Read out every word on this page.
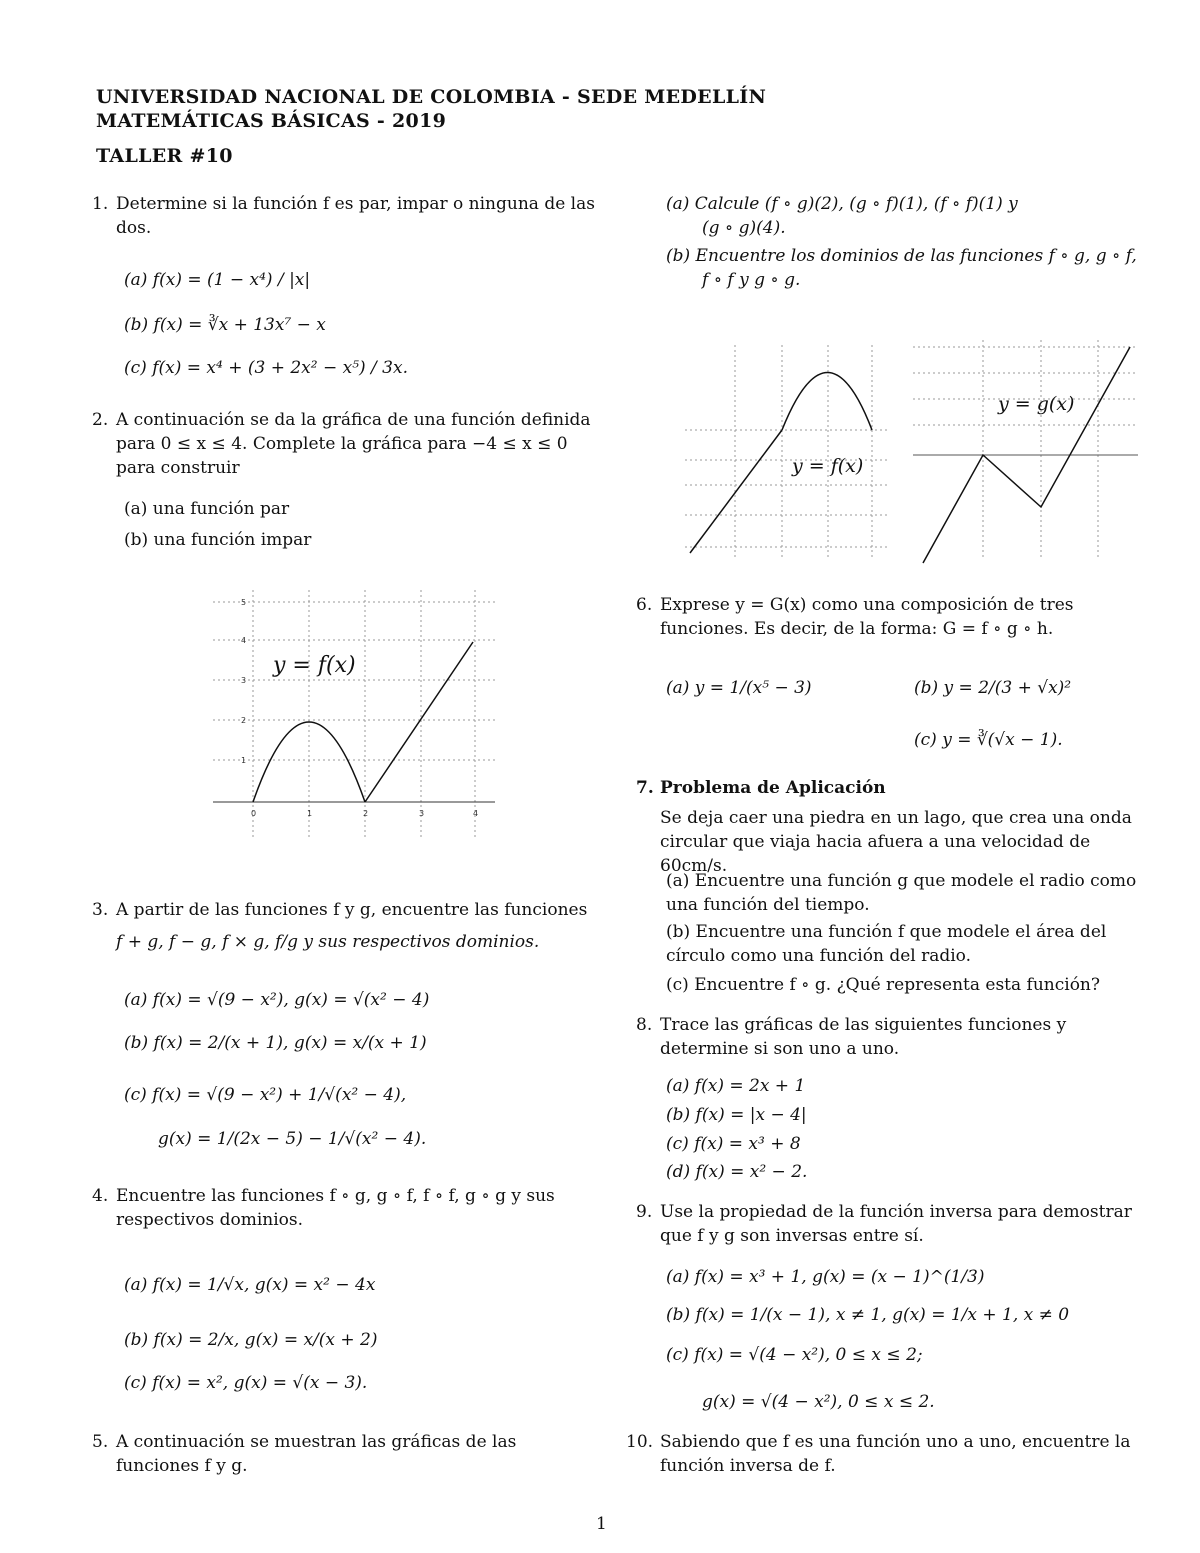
UNIVERSIDAD NACIONAL DE COLOMBIA - SEDE MEDELLÍN
MATEMÁTICAS BÁSICAS - 2019
TALLER #10
1. Determine si la función f es par, impar o ninguna de las dos.
(a) f(x) = (1 − x⁴) / |x|
(b) f(x) = ∛x + 13x⁷ − x
(c) f(x) = x⁴ + (3 + 2x² − x⁵) / 3x.
2. A continuación se da la gráfica de una función definida para 0 ≤ x ≤ 4. Complete la gráfica para −4 ≤ x ≤ 0 para construir
(a) una función par
(b) una función impar
0	1	2	3	4
1
2
3
4
5
y = f(x)
3. A partir de las funciones f y g, encuentre las funciones
f + g, f − g, f × g, f/g y sus respectivos dominios.
(a) f(x) = √(9 − x²), g(x) = √(x² − 4)
(b) f(x) = 2/(x + 1), g(x) = x/(x + 1)
(c) f(x) = √(9 − x²) + 1/√(x² − 4),
g(x) = 1/(2x − 5) − 1/√(x² − 4).
4. Encuentre las funciones f ∘ g, g ∘ f, f ∘ f, g ∘ g y sus respectivos dominios.
(a) f(x) = 1/√x, g(x) = x² − 4x
(b) f(x) = 2/x, g(x) = x/(x + 2)
(c) f(x) = x², g(x) = √(x − 3).
5. A continuación se muestran las gráficas de las funciones f y g.
(a) Calcule (f ∘ g)(2), (g ∘ f)(1), (f ∘ f)(1) y
(g ∘ g)(4).
(b) Encuentre los dominios de las funciones f ∘ g, g ∘ f,
f ∘ f y g ∘ g.
y = f(x)
y = g(x)
6. Exprese y = G(x) como una composición de tres funciones. Es decir, de la forma: G = f ∘ g ∘ h.
(a) y = 1/(x⁵ − 3)	(b) y = 2/(3 + √x)²
(c) y = ∛(√x − 1).
7. Problema de Aplicación
Se deja caer una piedra en un lago, que crea una onda circular que viaja hacia afuera a una velocidad de 60cm/s.
(a) Encuentre una función g que modele el radio como una función del tiempo.
(b) Encuentre una función f que modele el área del círculo como una función del radio.
(c) Encuentre f ∘ g. ¿Qué representa esta función?
8. Trace las gráficas de las siguientes funciones y determine si son uno a uno.
(a) f(x) = 2x + 1
(b) f(x) = |x − 4|
(c) f(x) = x³ + 8
(d) f(x) = x² − 2.
9. Use la propiedad de la función inversa para demostrar que f y g son inversas entre sí.
(a) f(x) = x³ + 1, g(x) = (x − 1)^(1/3)
(b) f(x) = 1/(x − 1), x ≠ 1, g(x) = 1/x + 1, x ≠ 0
(c) f(x) = √(4 − x²), 0 ≤ x ≤ 2;
g(x) = √(4 − x²), 0 ≤ x ≤ 2.
10. Sabiendo que f es una función uno a uno, encuentre la función inversa de f.
1
